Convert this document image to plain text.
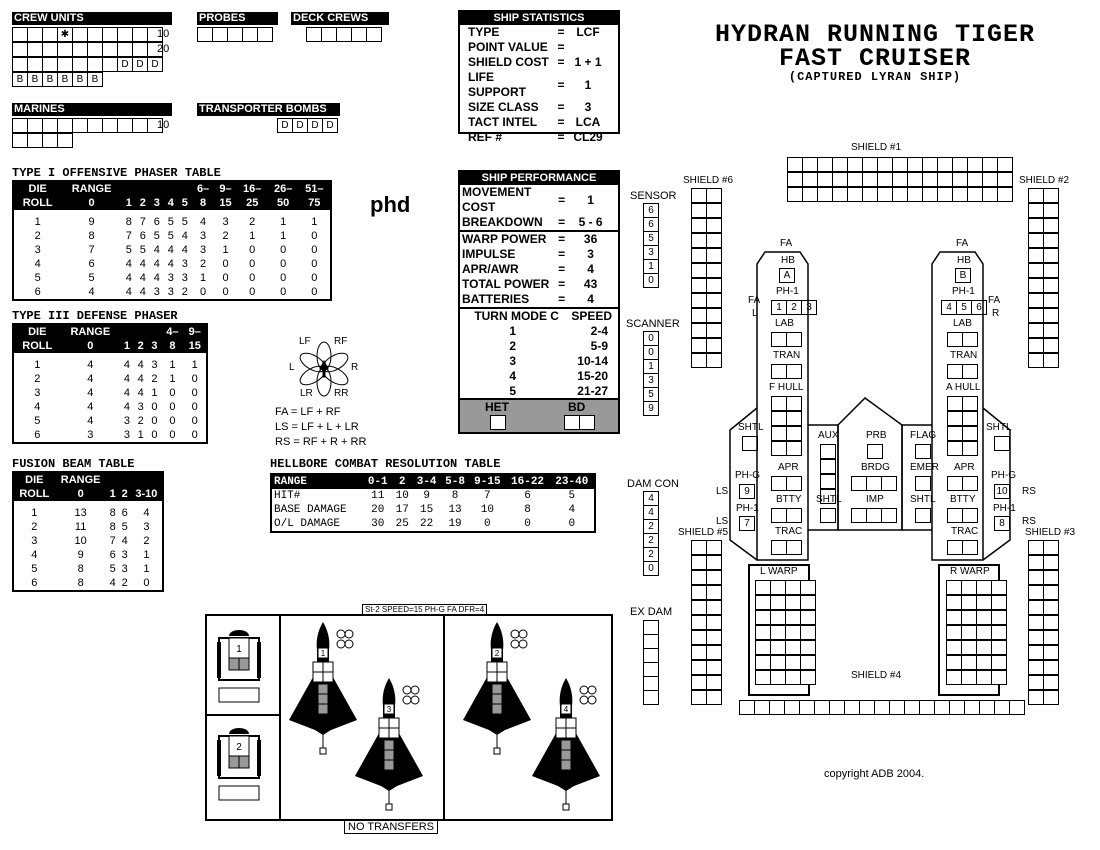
CREW UNITS	PROBES	DECK CREWS
MARINES	TRANSPORTER BOMBS
D D D D
SHIP STATISTICS
TYPE	=	LCF
POINT VALUE	=	
SHIELD COST	=	1 + 1
LIFE SUPPORT	=	1
SIZE CLASS	=	3
TACT INTEL	=	LCA
REF #	=	CL29
HYDRAN RUNNING TIGER
FAST CRUISER
(CAPTURED LYRAN SHIP)
TYPE I OFFENSIVE PHASER TABLE
DIE	RANGE						6–	9–	16–	26–	51–
ROLL	0	1	2	3	4	5	8	15	25	50	75

1	9	8	7	6	5	5	4	3	2	1	1
2	8	7	6	5	5	4	3	2	1	1	0
3	7	5	5	4	4	4	3	1	0	0	0
4	6	4	4	4	4	3	2	0	0	0	0
5	5	4	4	4	3	3	1	0	0	0	0
6	4	4	4	3	3	2	0	0	0	0	0
phd
TYPE III DEFENSE PHASER
DIE	RANGE				4–	9–
ROLL	0	1	2	3	8	15

1	4	4	4	3	1	1
2	4	4	4	2	1	0
3	4	4	4	1	0	0
4	4	4	3	0	0	0
5	4	3	2	0	0	0
6	3	3	1	0	0	0
LF RF
L	R
LR RR
FA = LF + RF
LS = LF + L + LR
RS = RF + R + RR
FUSION BEAM TABLE
DIE	RANGE			
ROLL	0	1	2	3-10

1	13	8	6	4
2	11	8	5	3
3	10	7	4	2
4	9	6	3	1
5	8	5	3	1
6	8	4	2	0
HELLBORE COMBAT RESOLUTION TABLE
RANGE	0-1	2	3-4	5-8	9-15	16-22	23-40
HIT#	11	10	9	8	7	6	5
BASE DAMAGE	20	17	15	13	10	8	4
O/L DAMAGE	30	25	22	19	0	0	0
SHIP PERFORMANCE
MOVEMENT COST	=	1
BREAKDOWN	=	5 - 6
WARP POWER	=	36
IMPULSE	=	3
APR/AWR	=	4
TOTAL POWER	=	43
BATTERIES	=	4
TURN MODE C	SPEED
1	2-4
2	5-9
3	10-14
4	15-20
5	21-27

HET	BD
SENSOR
6
6
5
3
1
0
SCANNER
0
0
1
3
5
9
DAM CON
4
4
2
2
2
0
EX DAM
SHIELD #1
SHIELD #6	SHIELD #2
SHIELD #5	SHIELD #3
SHIELD #4
FA
HB
A
PH-1
FA
L
1 2 3
LAB
TRAN
F HULL
APR
BTTY
TRAC
SHTL
PH-G
LS	9
PH-1
LS	7
FA
HB
B
PH-1
FA
R
4 5 6
LAB
TRAN
A HULL
APR
BTTY
TRAC
SHTL
PH-G
RS
10
PH-1
RS
8
AUX
SHTL
PRB
BRDG
IMP
FLAG
EMER
SHTL
L WARP	R WARP
St-2 SPEED=15 PH-G FA DFR=4
NO TRANSFERS
1
3
2
4
1
2
copyright ADB 2004.
✱
D D D
B B B B B B
10
20
10
